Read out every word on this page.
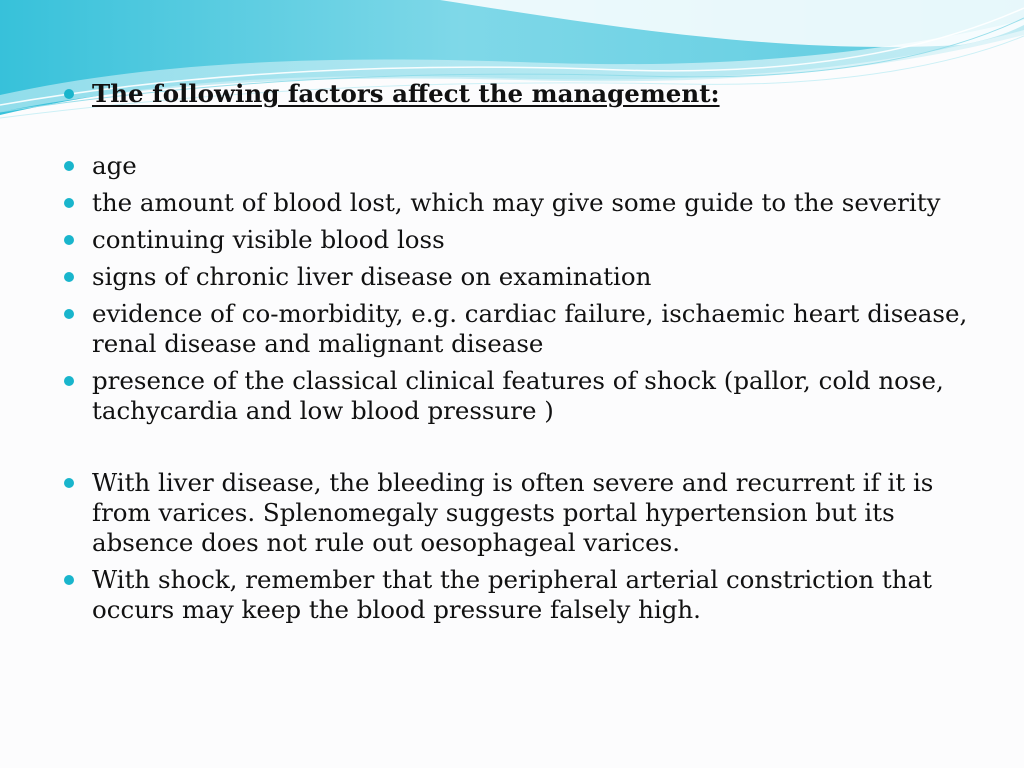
The following factors affect the management:
age
the amount of blood lost, which may give some guide to the severity
continuing visible blood loss
signs of chronic liver disease on examination
evidence of co-morbidity, e.g. cardiac failure, ischaemic heart disease, renal disease and malignant disease
presence of the classical clinical features of shock (pallor, cold nose, tachycardia and low blood pressure )
With liver disease, the bleeding is often severe and recurrent if it is from varices. Splenomegaly suggests portal hypertension but its absence does not rule out oesophageal varices.
With shock, remember that the peripheral arterial constriction that occurs may keep the blood pressure falsely high.
